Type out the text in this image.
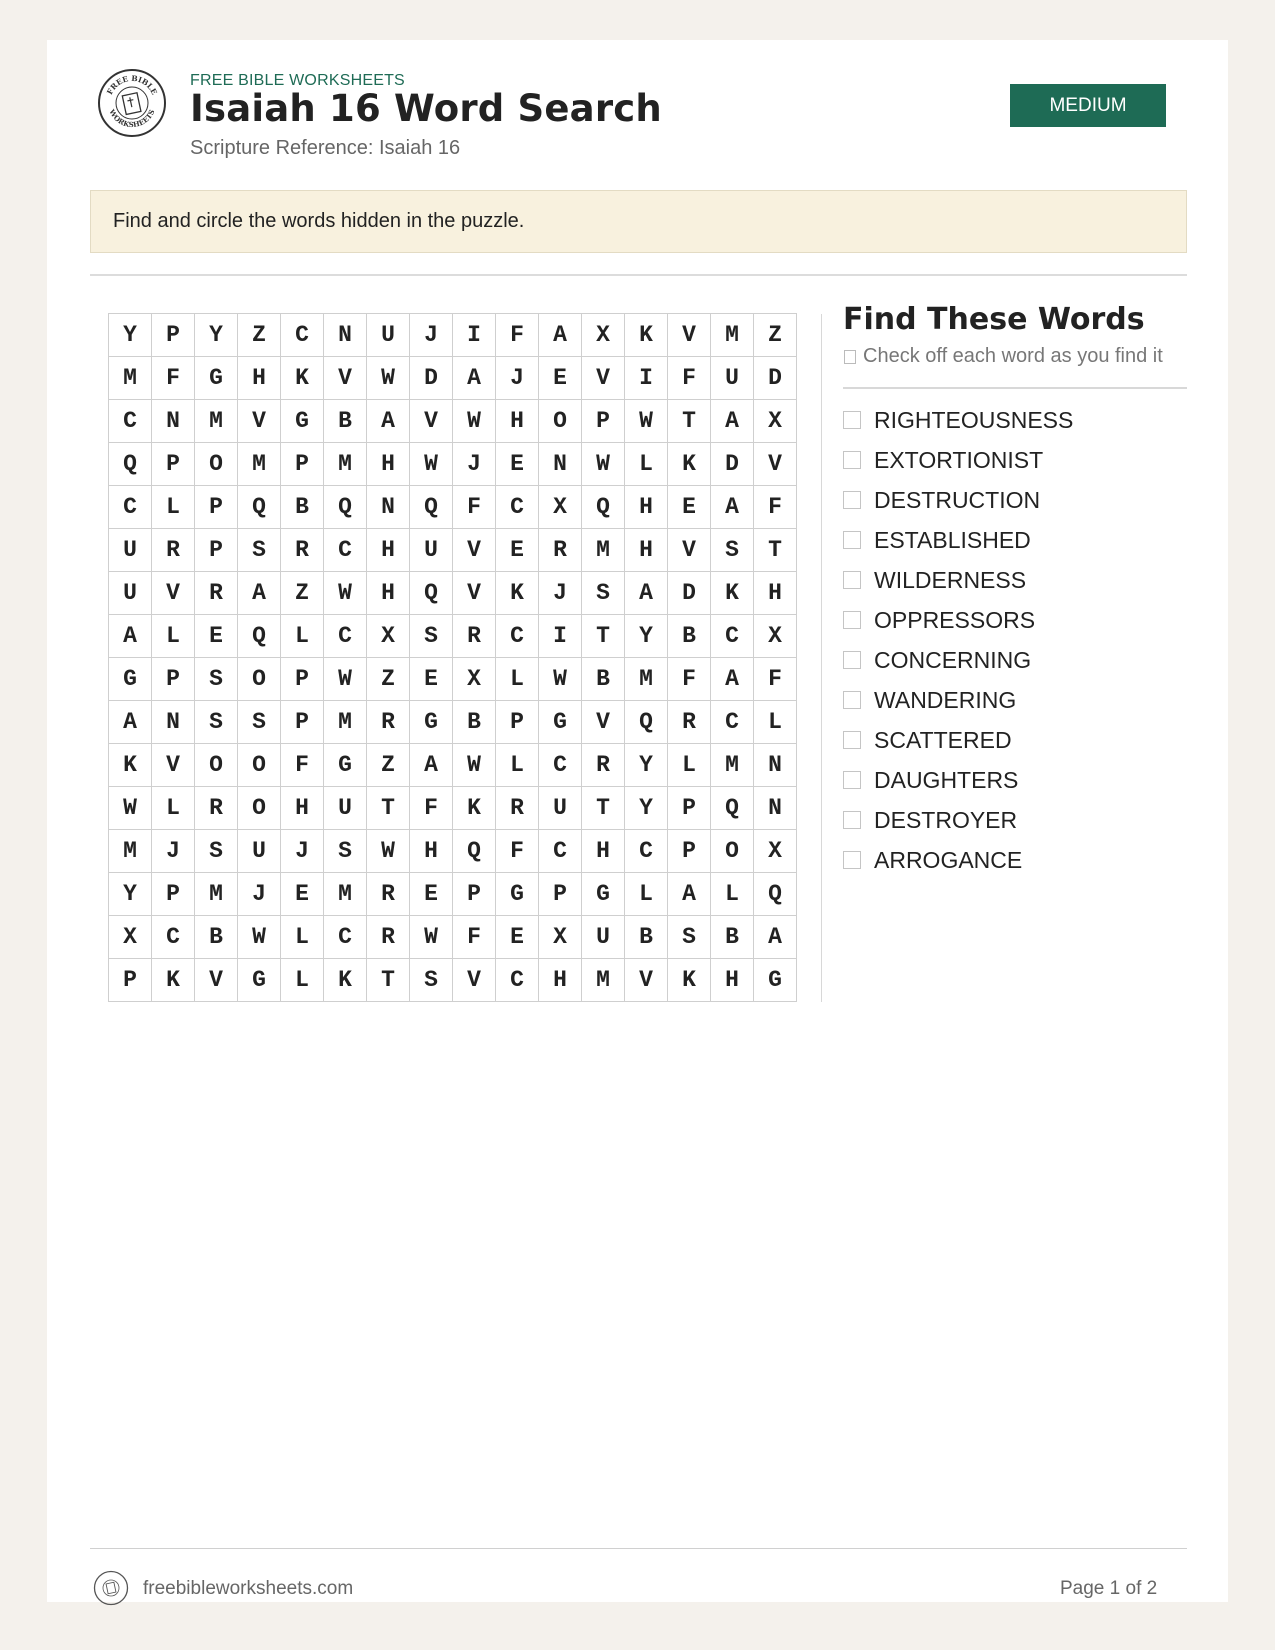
FREE BIBLE
WORKSHEETS
FREE BIBLE WORKSHEETS
Isaiah 16 Word Search
Scripture Reference: Isaiah 16
MEDIUM
Find and circle the words hidden in the puzzle.
Y	P	Y	Z	C	N	U	J	I	F	A	X	K	V	M	Z
M	F	G	H	K	V	W	D	A	J	E	V	I	F	U	D
C	N	M	V	G	B	A	V	W	H	O	P	W	T	A	X
Q	P	O	M	P	M	H	W	J	E	N	W	L	K	D	V
C	L	P	Q	B	Q	N	Q	F	C	X	Q	H	E	A	F
U	R	P	S	R	C	H	U	V	E	R	M	H	V	S	T
U	V	R	A	Z	W	H	Q	V	K	J	S	A	D	K	H
A	L	E	Q	L	C	X	S	R	C	I	T	Y	B	C	X
G	P	S	O	P	W	Z	E	X	L	W	B	M	F	A	F
A	N	S	S	P	M	R	G	B	P	G	V	Q	R	C	L
K	V	O	O	F	G	Z	A	W	L	C	R	Y	L	M	N
W	L	R	O	H	U	T	F	K	R	U	T	Y	P	Q	N
M	J	S	U	J	S	W	H	Q	F	C	H	C	P	O	X
Y	P	M	J	E	M	R	E	P	G	P	G	L	A	L	Q
X	C	B	W	L	C	R	W	F	E	X	U	B	S	B	A
P	K	V	G	L	K	T	S	V	C	H	M	V	K	H	G
Find These Words
Check off each word as you find it
RIGHTEOUSNESS
EXTORTIONIST
DESTRUCTION
ESTABLISHED
WILDERNESS
OPPRESSORS
CONCERNING
WANDERING
SCATTERED
DAUGHTERS
DESTROYER
ARROGANCE
freebibleworksheets.com	Page 1 of 2
